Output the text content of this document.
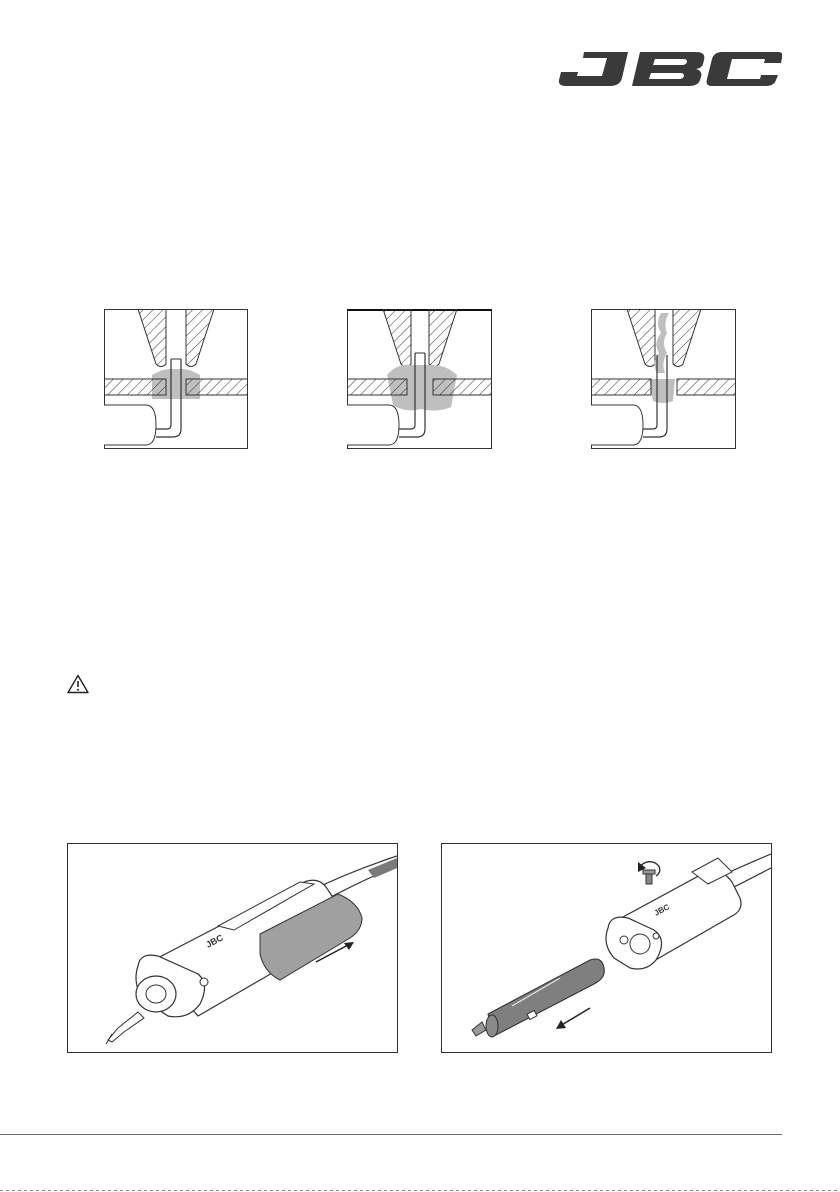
JBC
JBC
